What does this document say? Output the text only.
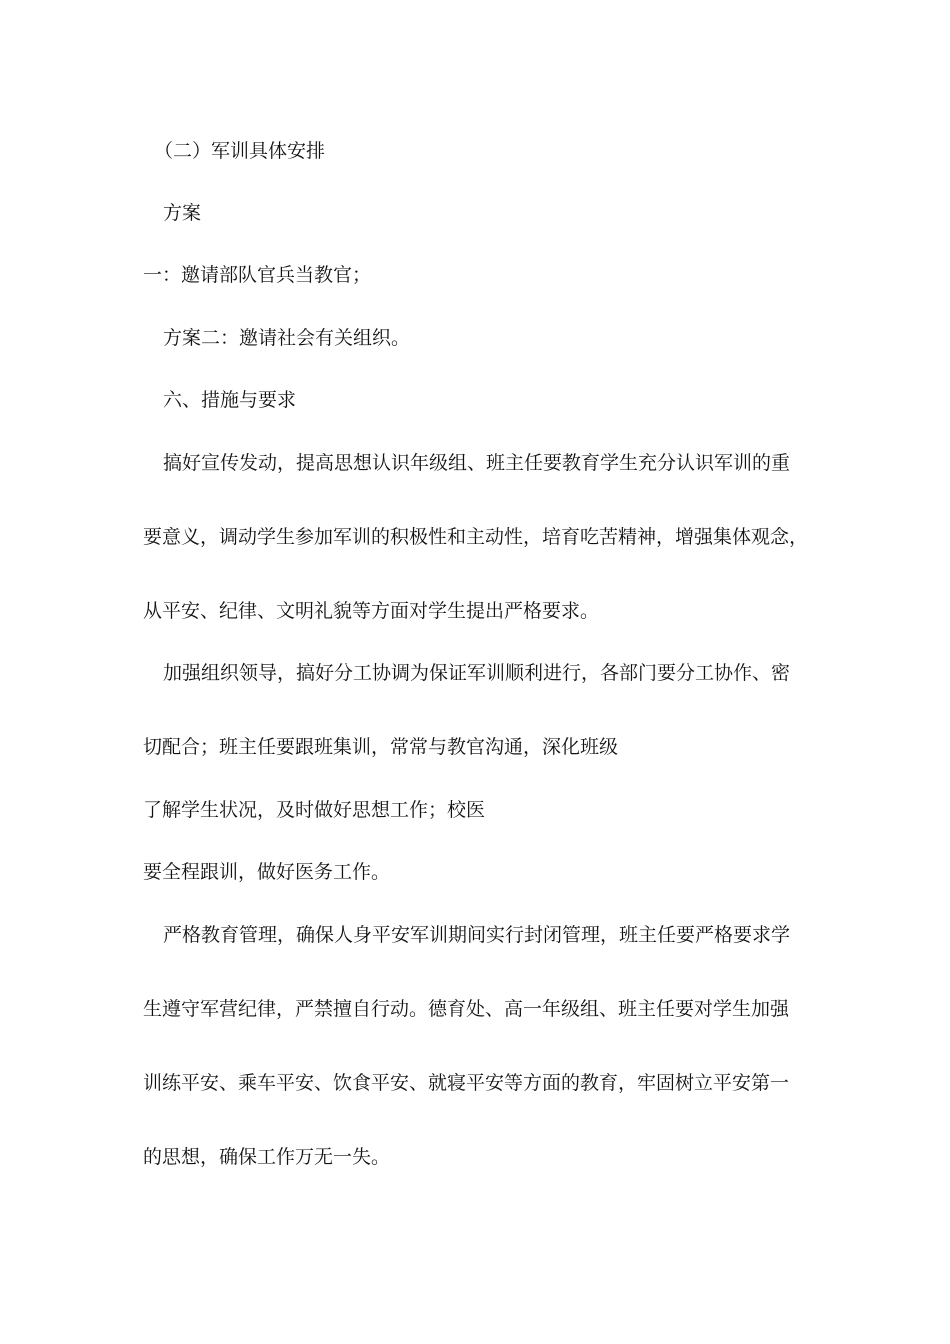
（二）军训具体安排

方案

一：邀请部队官兵当教官；

方案二：邀请社会有关组织。

六、措施与要求

搞好宣传发动，提高思想认识年级组、班主任要教育学生充分认识军训的重

要意义，调动学生参加军训的积极性和主动性，培育吃苦精神，增强集体观念，

从平安、纪律、文明礼貌等方面对学生提出严格要求。

加强组织领导，搞好分工协调为保证军训顺利进行，各部门要分工协作、密

切配合；班主任要跟班集训，常常与教官沟通，深化班级

了解学生状况，及时做好思想工作；校医

要全程跟训，做好医务工作。

严格教育管理，确保人身平安军训期间实行封闭管理，班主任要严格要求学

生遵守军营纪律，严禁擅自行动。德育处、高一年级组、班主任要对学生加强

训练平安、乘车平安、饮食平安、就寝平安等方面的教育，牢固树立平安第一

的思想，确保工作万无一失。
